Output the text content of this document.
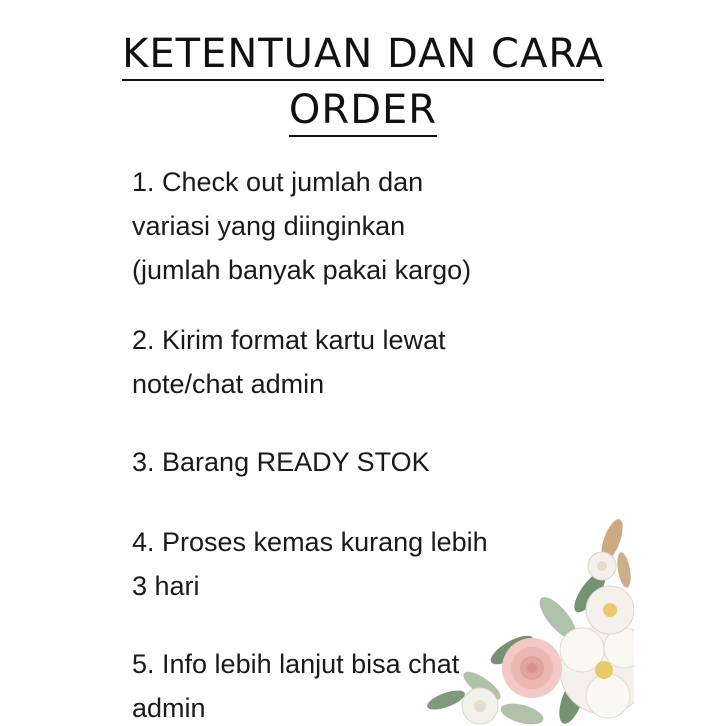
KETENTUAN DAN CARA
ORDER
1. Check out jumlah dan
variasi yang diinginkan
(jumlah banyak pakai kargo)
2. Kirim format kartu lewat
note/chat admin
3. Barang READY STOK
4. Proses kemas kurang lebih
3 hari
5. Info lebih lanjut bisa chat
admin
